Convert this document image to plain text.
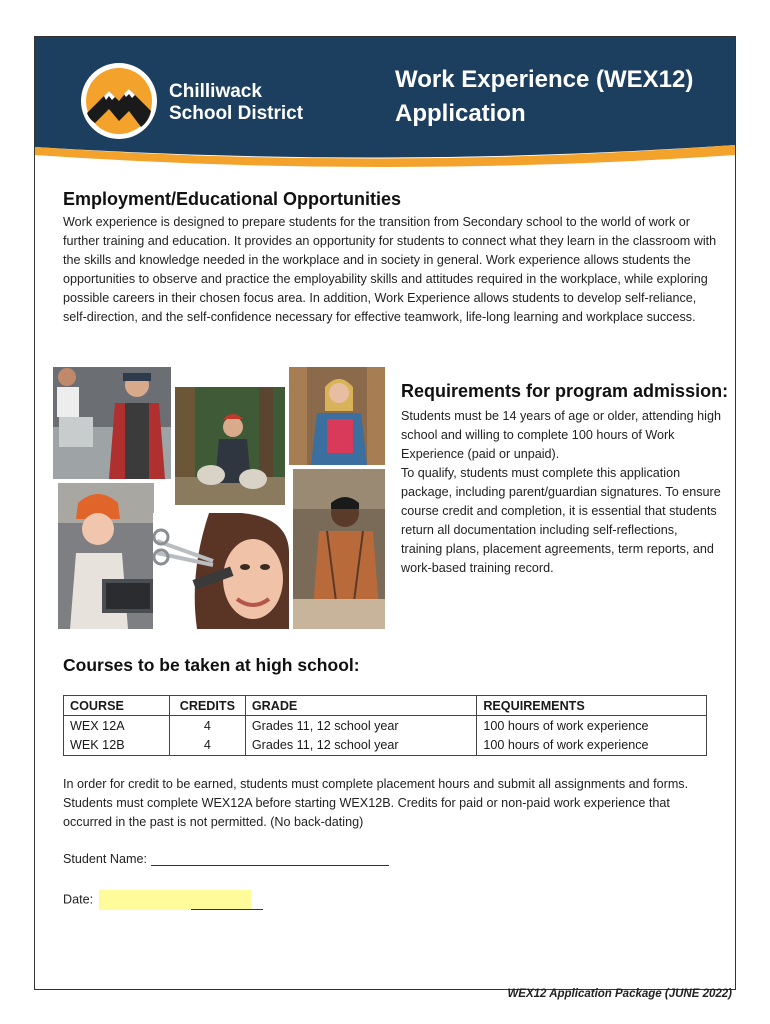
Chilliwack
School District
Work Experience (WEX12)
Application
Employment/Educational Opportunities
Work experience is designed to prepare students for the transition from Secondary school to the world of work or further training and education. It provides an opportunity for students to connect what they learn in the classroom with the skills and knowledge needed in the workplace and in society in general. Work experience allows students the opportunities to observe and practice the employability skills and attitudes required in the workplace, while exploring possible careers in their chosen focus area. In addition, Work Experience allows students to develop self-reliance, self-direction, and the self-confidence necessary for effective teamwork, life-long learning and workplace success.
Requirements for program admission:

Students must be 14 years of age or older, attending high school and willing to complete 100 hours of Work Experience (paid or unpaid).

To qualify, students must complete this application package, including parent/guardian signatures. To ensure course credit and completion, it is essential that students return all documentation including self-reflections, training plans, placement agreements, term reports, and work-based training record.

Courses to be taken at high school:
COURSE	CREDITS	GRADE	REQUIREMENTS
WEX 12A	4	Grades 11, 12 school year	100 hours of work experience
WEK 12B	4	Grades 11, 12 school year	100 hours of work experience
In order for credit to be earned, students must complete placement hours and submit all assignments and forms. Students must complete WEX12A before starting WEX12B. Credits for paid or non-paid work experience that occurred in the past is not permitted. (No back-dating)
Student Name:
Date:
WEX12 Application Package (JUNE 2022)
